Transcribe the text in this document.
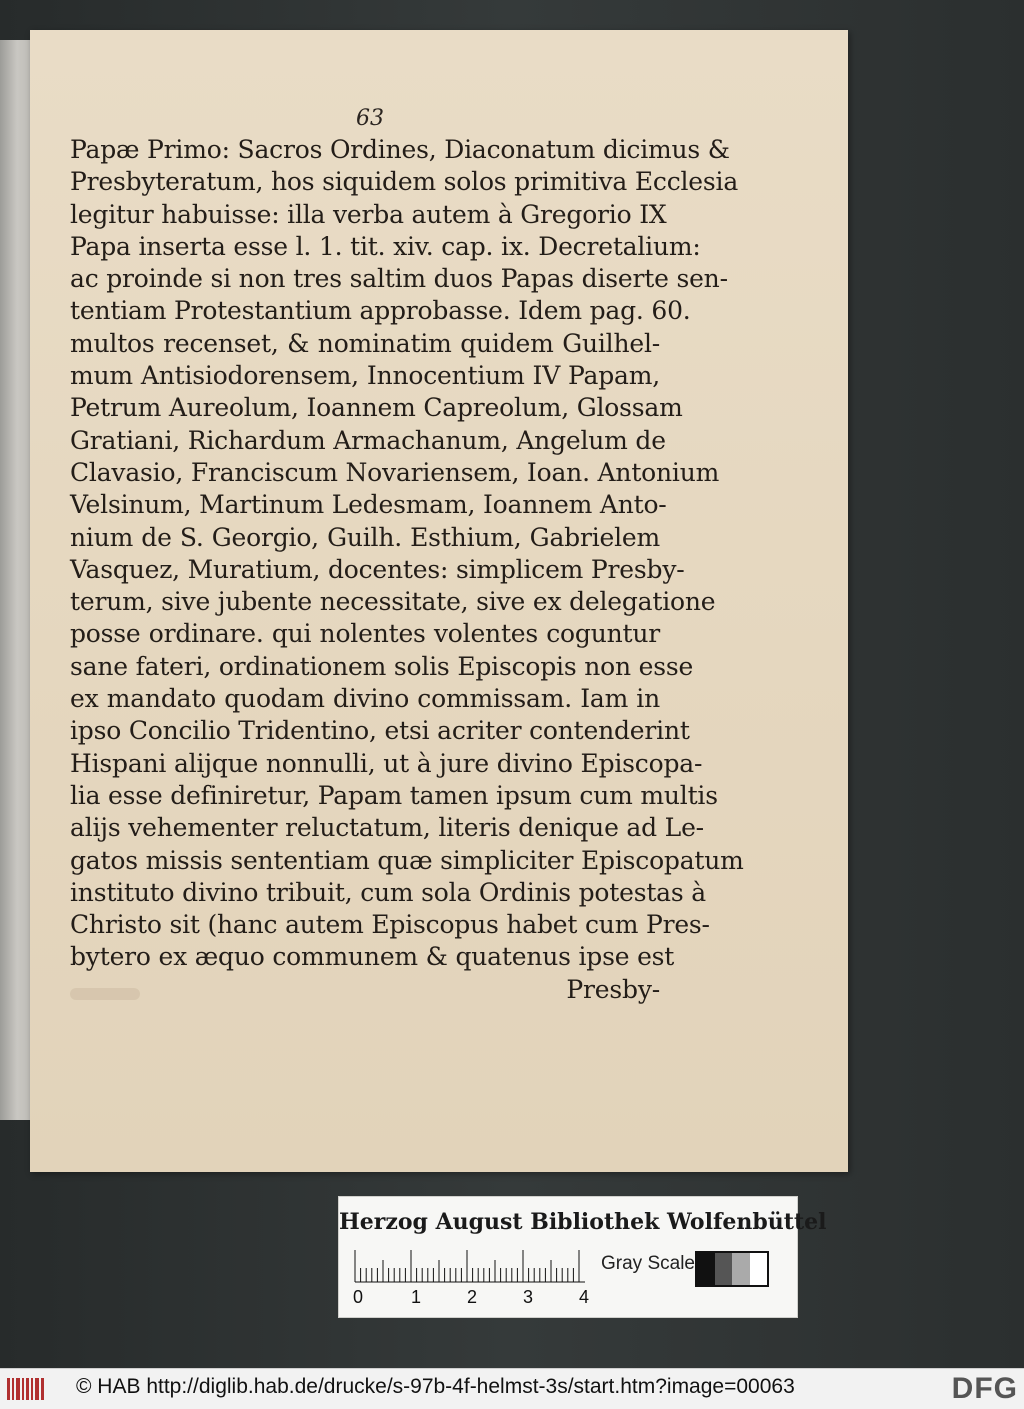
63
Papæ Primo: Sacros Ordines, Diaconatum dicimus &
Presbyteratum, hos siquidem solos primitiva Ecclesia
legitur habuisse: illa verba autem à Gregorio IX
Papa inserta esse l. 1. tit. xiv. cap. ix. Decretalium:
ac proinde si non tres saltim duos Papas diserte sen-
tentiam Protestantium approbasse. Idem pag. 60.
multos recenset, & nominatim quidem Guilhel-
mum Antisiodorensem, Innocentium IV Papam,
Petrum Aureolum, Ioannem Capreolum, Glossam
Gratiani, Richardum Armachanum, Angelum de
Clavasio, Franciscum Novariensem, Ioan. Antonium
Velsinum, Martinum Ledesmam, Ioannem Anto-
nium de S. Georgio, Guilh. Esthium, Gabrielem
Vasquez, Muratium, docentes: simplicem Presby-
terum, sive jubente necessitate, sive ex delegatione
posse ordinare. qui nolentes volentes coguntur
sane fateri, ordinationem solis Episcopis non esse
ex mandato quodam divino commissam. Iam in
ipso Concilio Tridentino, etsi acriter contenderint
Hispani alijque nonnulli, ut à jure divino Episcopa-
lia esse definiretur, Papam tamen ipsum cum multis
alijs vehementer reluctatum, literis denique ad Le-
gatos missis sententiam quæ simpliciter Episcopatum
instituto divino tribuit, cum sola Ordinis potestas à
Christo sit (hanc autem Episcopus habet cum Pres-
bytero ex æquo communem & quatenus ipse est
Presby-
Herzog August Bibliothek Wolfenbüttel
0	1	2	3	4
Gray Scale
© HAB http://diglib.hab.de/drucke/s-97b-4f-helmst-3s/start.htm?image=00063	DFG
